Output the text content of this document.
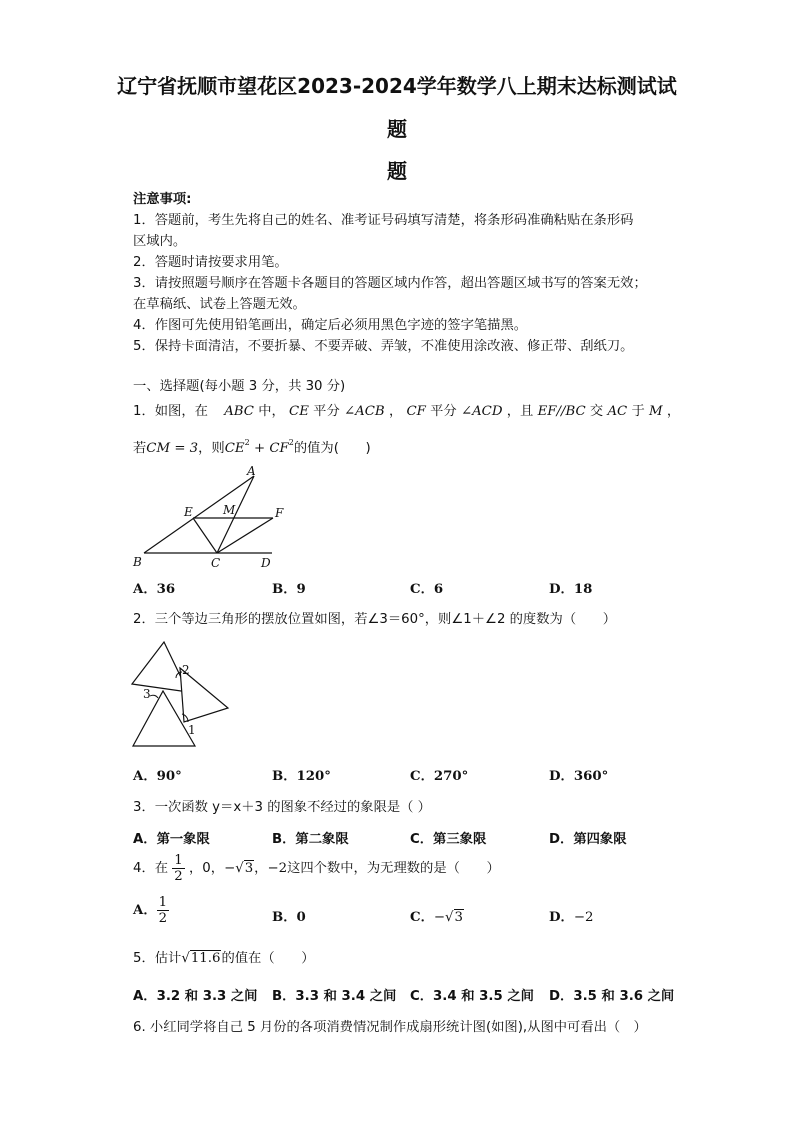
辽宁省抚顺市望花区2023-2024学年数学八上期末达标测试试
题
题
注意事项:
1．答题前，考生先将自己的姓名、准考证号码填写清楚，将条形码准确粘贴在条形码
区域内。
2．答题时请按要求用笔。
3．请按照题号顺序在答题卡各题目的答题区域内作答，超出答题区域书写的答案无效；
在草稿纸、试卷上答题无效。
4．作图可先使用铅笔画出，确定后必须用黑色字迹的签字笔描黑。
5．保持卡面清洁，不要折暴、不要弄破、弄皱，不准使用涂改液、修正带、刮纸刀。
一、选择题(每小题 3 分，共 30 分)
1．如图，在 ABC 中， CE 平分 ∠ACB ， CF 平分 ∠ACD ，且 EF//BC 交 AC 于 M ，
若CM = 3，则$CE^2 + CF^2$的值为(　　)
A
E	M	F
B	C	D
A．36	B．9	C．6	D．18
2．三个等边三角形的摆放位置如图，若∠3＝60°，则∠1＋∠2 的度数为（　　）
1
2
3
A．90°	B．120°	C．270°	D．360°
3．一次函数 y＝x＋3 的图象不经过的象限是（ ）
A．第一象限	B．第二象限	C．第三象限	D．第四象限
4．在 $\frac{1}{2}$ ，0，−√3，−2这四个数中，为无理数的是（　　）
A． $\frac{1}{2}$	B．0	C．−√3	D．−2
5．估计√11.6的值在（　　）
A．3.2 和 3.3 之间 B．3.3 和 3.4 之间 C．3.4 和 3.5 之间 D．3.5 和 3.6 之间
6. 小红同学将自己 5 月份的各项消费情况制作成扇形统计图(如图),从图中可看出（　）
